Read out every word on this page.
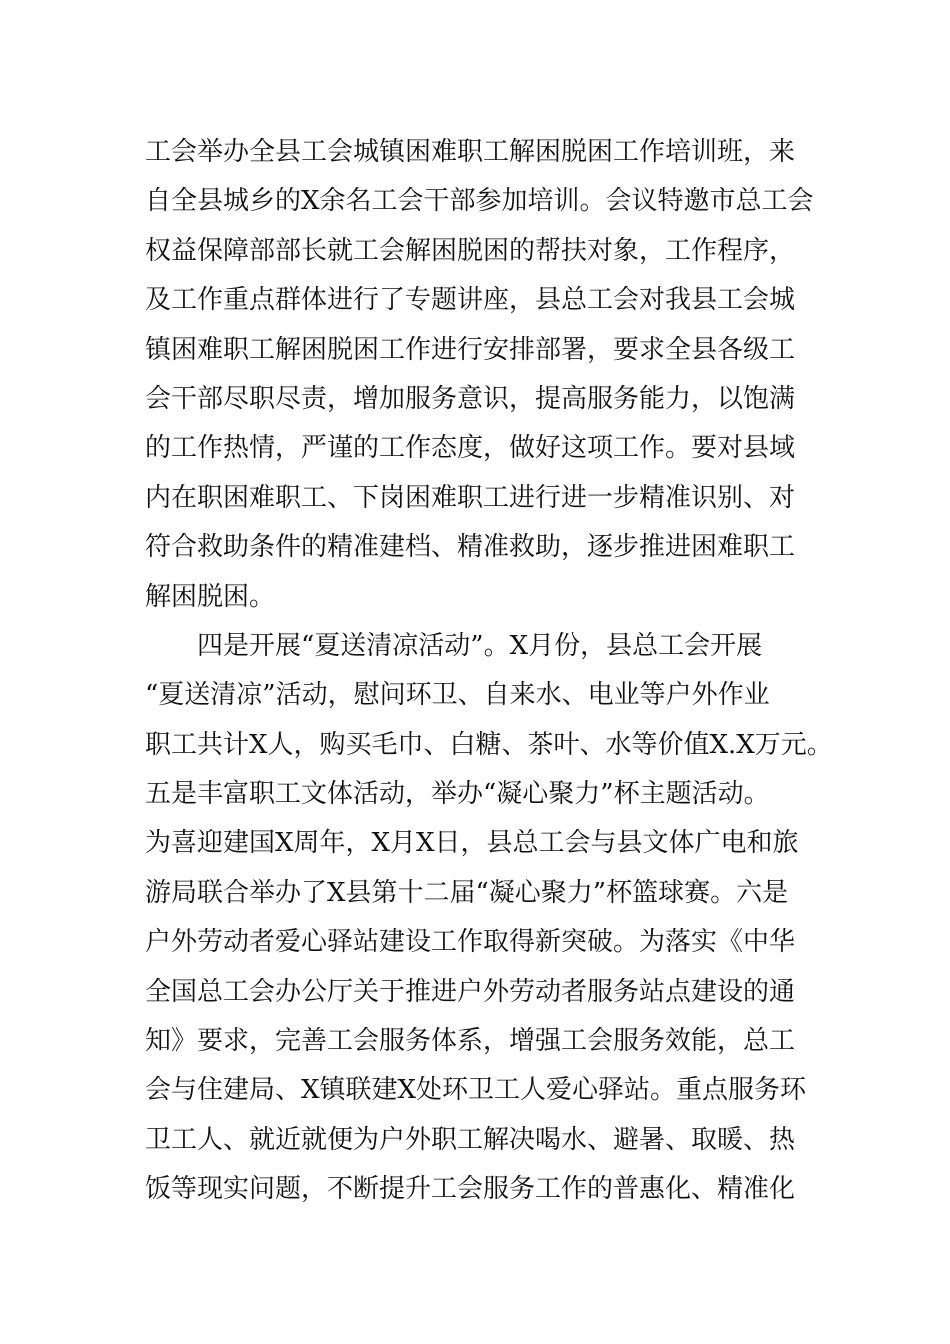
工会举办全县工会城镇困难职工解困脱困工作培训班，来
自全县城乡的X余名工会干部参加培训。会议特邀市总工会
权益保障部部长就工会解困脱困的帮扶对象，工作程序，
及工作重点群体进行了专题讲座，县总工会对我县工会城
镇困难职工解困脱困工作进行安排部署，要求全县各级工
会干部尽职尽责，增加服务意识，提高服务能力，以饱满
的工作热情，严谨的工作态度，做好这项工作。要对县域
内在职困难职工、下岗困难职工进行进一步精准识别、对
符合救助条件的精准建档、精准救助，逐步推进困难职工
解困脱困。
　　四是开展“夏送清凉活动”。X月份，县总工会开展
“夏送清凉”活动，慰问环卫、自来水、电业等户外作业
职工共计X人，购买毛巾、白糖、茶叶、水等价值X.X万元。
五是丰富职工文体活动，举办“凝心聚力”杯主题活动。
为喜迎建国X周年，X月X日，县总工会与县文体广电和旅
游局联合举办了X县第十二届“凝心聚力”杯篮球赛。六是
户外劳动者爱心驿站建设工作取得新突破。为落实《中华
全国总工会办公厅关于推进户外劳动者服务站点建设的通
知》要求，完善工会服务体系，增强工会服务效能，总工
会与住建局、X镇联建X处环卫工人爱心驿站。重点服务环
卫工人、就近就便为户外职工解决喝水、避暑、取暖、热
饭等现实问题，不断提升工会服务工作的普惠化、精准化
